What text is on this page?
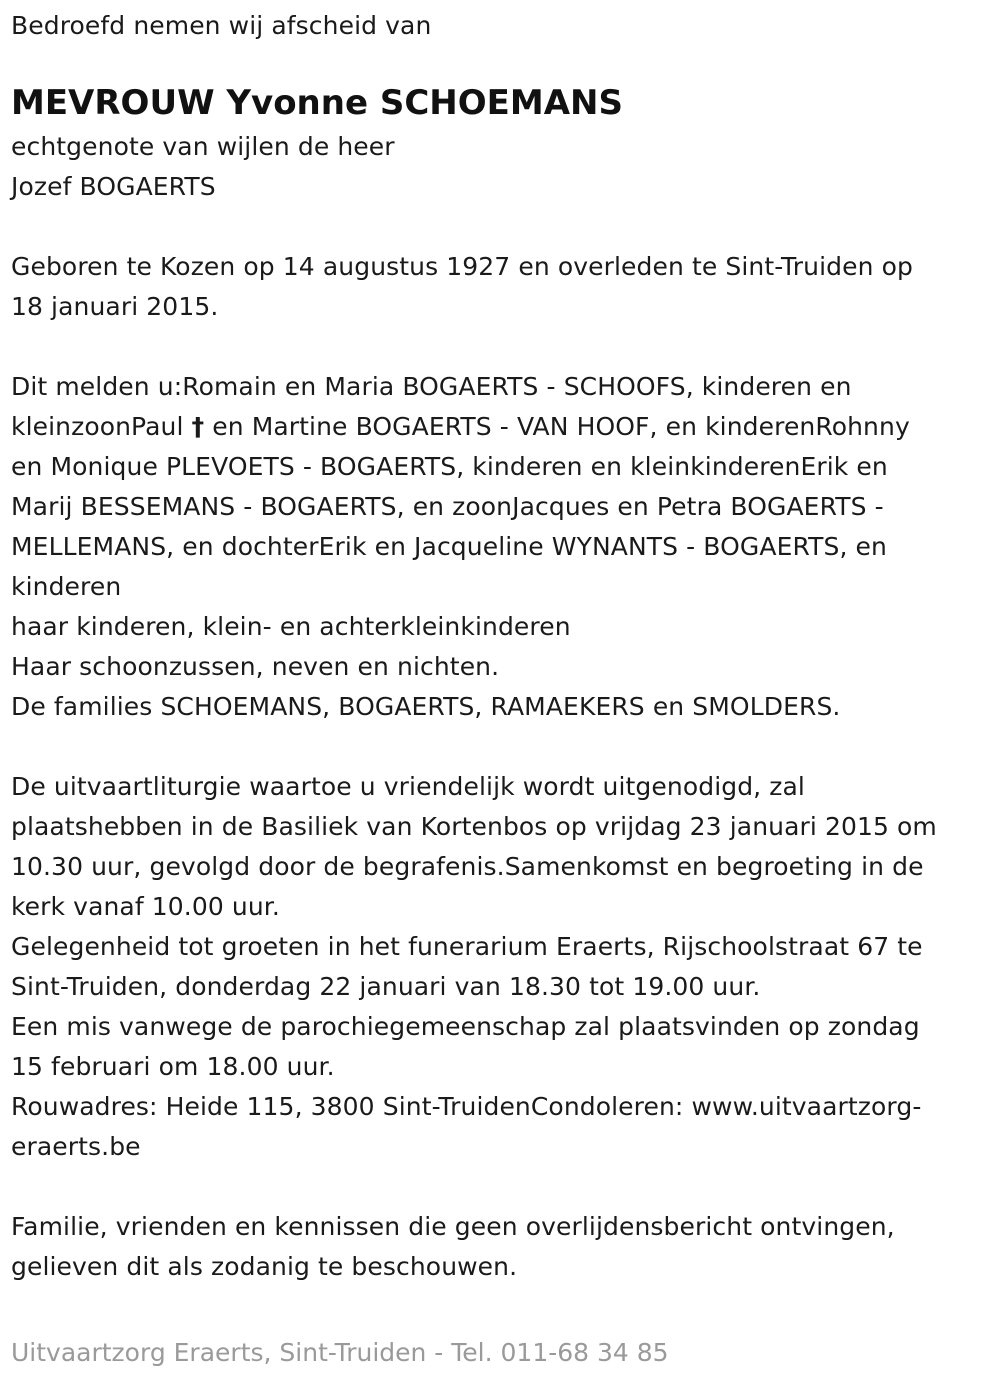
Bedroefd nemen wij afscheid van
MEVROUW Yvonne SCHOEMANS
echtgenote van wijlen de heer
Jozef BOGAERTS
Geboren te Kozen op 14 augustus 1927 en overleden te Sint-Truiden op
18 januari 2015.
Dit melden u:Romain en Maria BOGAERTS - SCHOOFS, kinderen en
kleinzoonPaul † en Martine BOGAERTS - VAN HOOF, en kinderenRohnny
en Monique PLEVOETS - BOGAERTS, kinderen en kleinkinderenErik en
Marij BESSEMANS - BOGAERTS, en zoonJacques en Petra BOGAERTS -
MELLEMANS, en dochterErik en Jacqueline WYNANTS - BOGAERTS, en
kinderen
haar kinderen, klein- en achterkleinkinderen
Haar schoonzussen, neven en nichten.
De families SCHOEMANS, BOGAERTS, RAMAEKERS en SMOLDERS.
De uitvaartliturgie waartoe u vriendelijk wordt uitgenodigd, zal
plaatshebben in de Basiliek van Kortenbos op vrijdag 23 januari 2015 om
10.30 uur, gevolgd door de begrafenis.Samenkomst en begroeting in de
kerk vanaf 10.00 uur.
Gelegenheid tot groeten in het funerarium Eraerts, Rijschoolstraat 67 te
Sint-Truiden, donderdag 22 januari van 18.30 tot 19.00 uur.
Een mis vanwege de parochiegemeenschap zal plaatsvinden op zondag
15 februari om 18.00 uur.
Rouwadres: Heide 115, 3800 Sint-TruidenCondoleren: www.uitvaartzorg-
eraerts.be
Familie, vrienden en kennissen die geen overlijdensbericht ontvingen,
gelieven dit als zodanig te beschouwen.
Uitvaartzorg Eraerts, Sint-Truiden - Tel. 011-68 34 85
